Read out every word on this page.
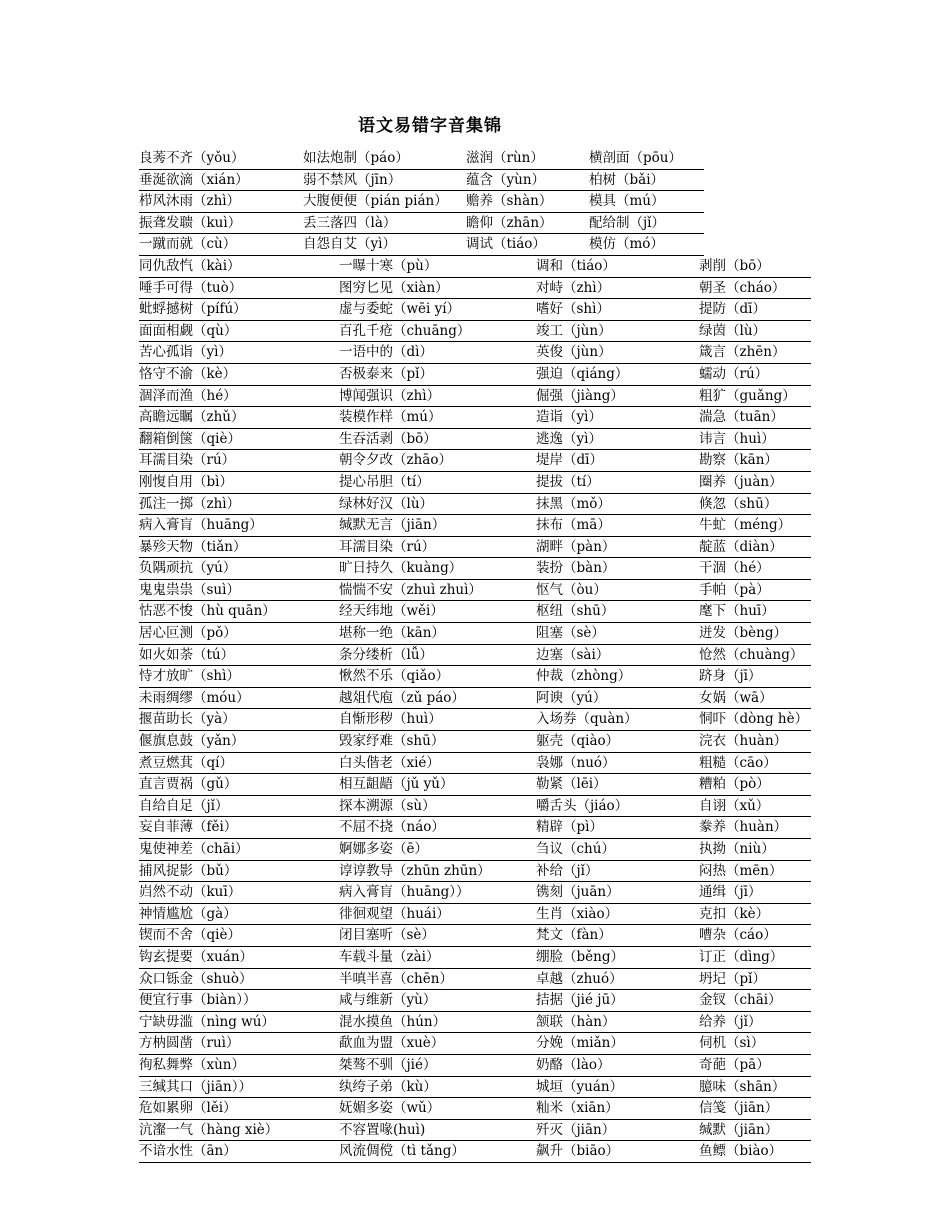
语文易错字音集锦
良莠不齐（yǒu）	如法炮制（páo）	滋润（rùn）	横剖面（pōu）
垂涎欲滴（xián）	弱不禁风（jīn）	蕴含（yùn）	柏树（bǎi）
栉风沐雨（zhì）	大腹便便（pián pián） 赡养（shàn）	模具（mú）
振聋发聩（kuì）	丢三落四（là）	瞻仰（zhān）	配给制（jǐ）
一蹴而就（cù）	自怨自艾（yì）	调试（tiáo）	模仿（mó）
同仇敌忾（kài）	一曝十寒（pù）	调和（tiáo）	剥削（bō）
唾手可得（tuò）	图穷匕见（xiàn）	对峙（zhì）	朝圣（cháo）
蚍蜉撼树（pífú）	虚与委蛇（wēi yí）	嗜好（shì）	提防（dī）
面面相觑（qù）	百孔千疮（chuāng）	竣工（jùn）	绿茵（lù）
苦心孤诣（yì）	一语中的（dì）	英俊（jùn）	箴言（zhēn）
恪守不渝（kè）	否极泰来（pǐ）	强迫（qiáng）	蠕动（rú）
涸泽而渔（hé）	博闻强识（zhì）	倔强（jiàng）	粗犷（guǎng）
高瞻远瞩（zhǔ）	装模作样（mú）	造诣（yì）	湍急（tuān）
翻箱倒箧（qiè）	生吞活剥（bō）	逃逸（yì）	讳言（huì）
耳濡目染（rú）	朝令夕改（zhāo）	堤岸（dī）	勘察（kān）
刚愎自用（bì）	提心吊胆（tí）	提拔（tí）	圈养（juàn）
孤注一掷（zhì）	绿林好汉（lù）	抹黑（mǒ）	倏忽（shū）
病入膏肓（huāng）	缄默无言（jiān）	抹布（mā）	牛虻（méng）
暴殄天物（tiǎn）	耳濡目染（rú）	湖畔（pàn）	靛蓝（diàn）
负隅顽抗（yú）	旷日持久（kuàng）	装扮（bàn）	干涸（hé）
鬼鬼祟祟（suì）	惴惴不安（zhuì zhuì）	怄气（òu）	手帕（pà）
怙恶不悛（hù quān）	经天纬地（wěi）	枢纽（shū）	麾下（huī）
居心叵测（pǒ）	堪称一绝（kān）	阻塞（sè）	迸发（bèng）
如火如荼（tú）	条分缕析（lǚ）	边塞（sài）	怆然（chuàng）
恃才放旷（shì）	愀然不乐（qiǎo）	仲裁（zhòng）	跻身（jī）
未雨绸缪（móu）	越俎代庖（zǔ páo）	阿谀（yú）	女娲（wā）
揠苗助长（yà）	自惭形秽（huì）	入场券（quàn）	恫吓（dòng hè）
偃旗息鼓（yǎn）	毁家纾难（shū）	躯壳（qiào）	浣衣（huàn）
煮豆燃萁（qí）	白头偕老（xié）	袅娜（nuó）	粗糙（cāo）
直言贾祸（gǔ）	相互龃龉（jǔ yǔ）	勒紧（lēi）	糟粕（pò）
自给自足（jǐ）	探本溯源（sù）	嚼舌头（jiáo）	自诩（xǔ）
妄自菲薄（fěi）	不屈不挠（náo）	精辟（pì）	豢养（huàn）
鬼使神差（chāi）	婀娜多姿（ē）	刍议（chú）	执拗（niù）
捕风捉影（bǔ）	谆谆教导（zhūn zhūn）	补给（jǐ）	闷热（mēn）
岿然不动（kuī）	病入膏肓（huāng））	镌刻（juān）	通缉（jī）
神情尴尬（gà）	徘徊观望（huái）	生肖（xiào）	克扣（kè）
锲而不舍（qiè）	闭目塞听（sè）	梵文（fàn）	嘈杂（cáo）
钩玄提要（xuán）	车载斗量（zài）	绷脸（běng）	订正（dìng）
众口铄金（shuò）	半嗔半喜（chēn）	卓越（zhuó）	坍圮（pǐ）
便宜行事（biàn））	咸与维新（yù）	拮据（jié jū）	金钗（chāi）
宁缺毋滥（nìng wú）	混水摸鱼（hún）	颔联（hàn）	给养（jǐ）
方枘圆凿（ruì）	歃血为盟（xuè）	分娩（miǎn）	伺机（sì）
徇私舞弊（xùn）	桀骜不驯（jié）	奶酪（lào）	奇葩（pā）
三缄其口（jiān））	纨绔子弟（kù）	城垣（yuán）	臆味（shān）
危如累卵（lěi）	妩媚多姿（wǔ）	籼米（xiān）	信笺（jiān）
沆瀣一气（hàng xiè）	不容置喙(huì)	歼灭（jiān）	缄默（jiān）
不谙水性（ān）	风流倜傥（tì tǎng）	飙升（biāo）	鱼鳔（biào）
